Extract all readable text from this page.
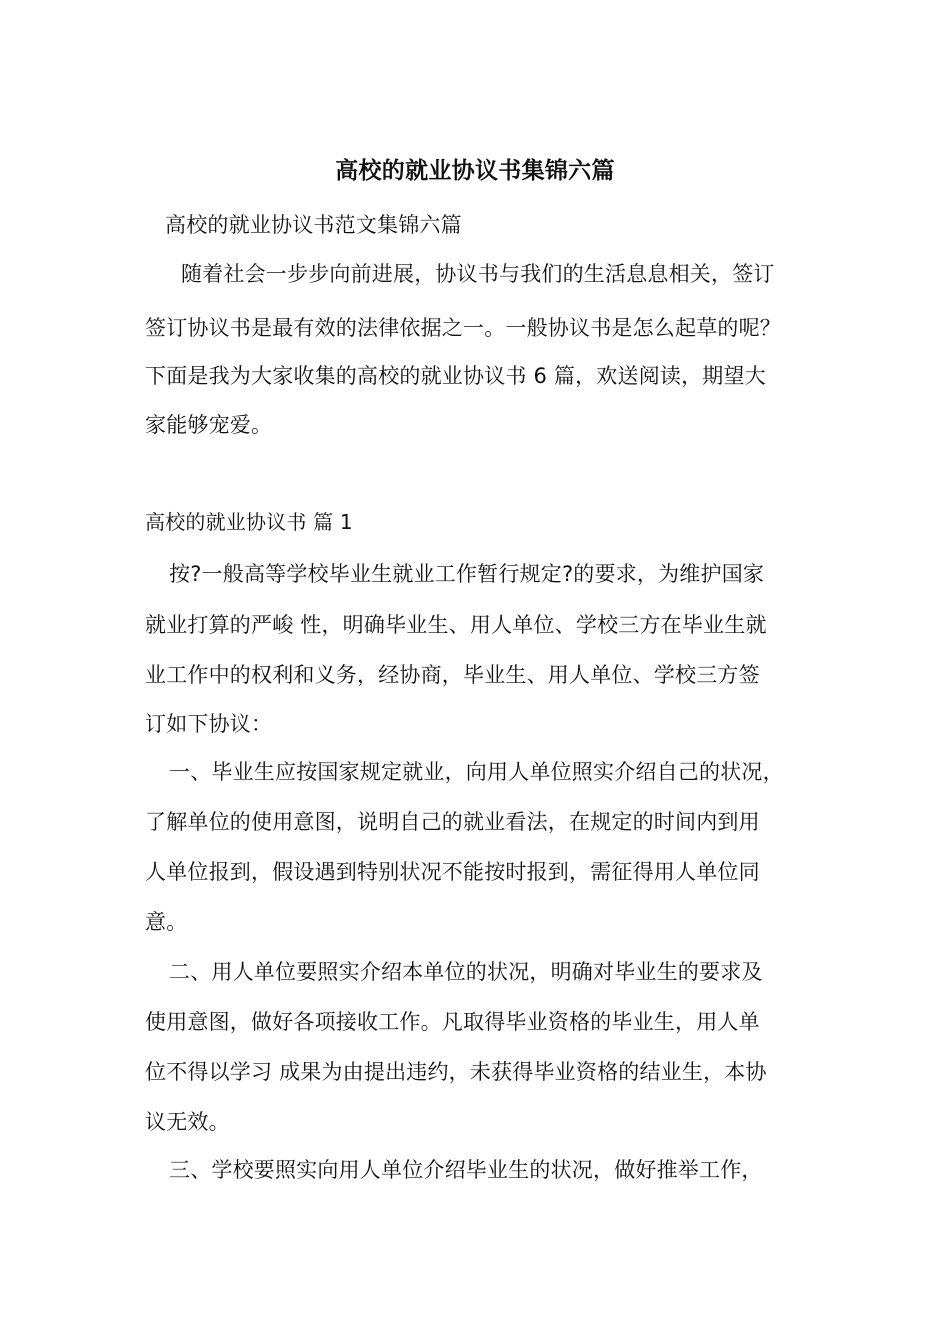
高校的就业协议书集锦六篇
高校的就业协议书范文集锦六篇
随着社会一步步向前进展，协议书与我们的生活息息相关，签订
签订协议书是最有效的法律依据之一。一般协议书是怎么起草的呢？
下面是我为大家收集的高校的就业协议书 6 篇，欢送阅读，期望大
家能够宠爱。
高校的就业协议书 篇 1
按?一般高等学校毕业生就业工作暂行规定?的要求，为维护国家
就业打算的严峻 性，明确毕业生、用人单位、学校三方在毕业生就
业工作中的权利和义务，经协商，毕业生、用人单位、学校三方签
订如下协议：
一、毕业生应按国家规定就业，向用人单位照实介绍自己的状况，
了解单位的使用意图，说明自己的就业看法，在规定的时间内到用
人单位报到，假设遇到特别状况不能按时报到，需征得用人单位同
意。
二、用人单位要照实介绍本单位的状况，明确对毕业生的要求及
使用意图，做好各项接收工作。凡取得毕业资格的毕业生，用人单
位不得以学习 成果为由提出违约，未获得毕业资格的结业生，本协
议无效。
三、学校要照实向用人单位介绍毕业生的状况，做好推举工作，
